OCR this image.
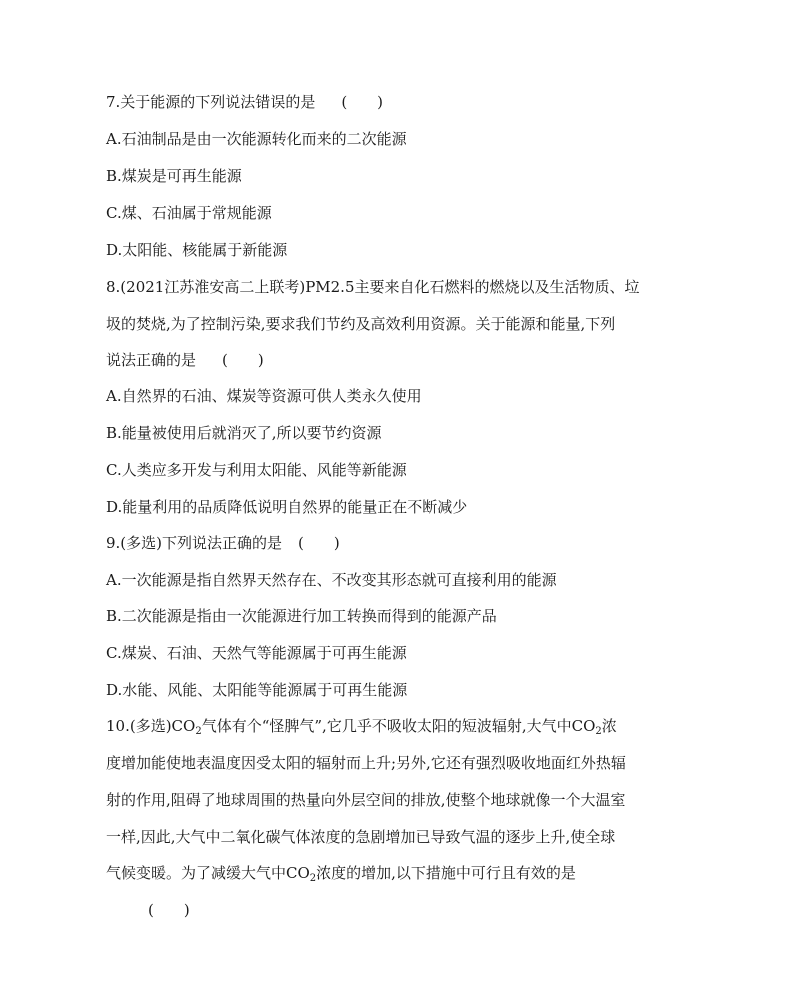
7.关于能源的下列说法错误的是 (　　)
A.石油制品是由一次能源转化而来的二次能源
B.煤炭是可再生能源
C.煤、石油属于常规能源
D.太阳能、核能属于新能源
8.(2021江苏淮安高二上联考)PM2.5主要来自化石燃料的燃烧以及生活物质、垃
圾的焚烧,为了控制污染,要求我们节约及高效利用资源。关于能源和能量,下列
说法正确的是 (　　)
A.自然界的石油、煤炭等资源可供人类永久使用
B.能量被使用后就消灭了,所以要节约资源
C.人类应多开发与利用太阳能、风能等新能源
D.能量利用的品质降低说明自然界的能量正在不断减少
9.(多选)下列说法正确的是 (　　)
A.一次能源是指自然界天然存在、不改变其形态就可直接利用的能源
B.二次能源是指由一次能源进行加工转换而得到的能源产品
C.煤炭、石油、天然气等能源属于可再生能源
D.水能、风能、太阳能等能源属于可再生能源
10.(多选)$CO_2$气体有个“怪脾气”,它几乎不吸收太阳的短波辐射,大气中$CO_2$浓
度增加能使地表温度因受太阳的辐射而上升;另外,它还有强烈吸收地面红外热辐
射的作用,阻碍了地球周围的热量向外层空间的排放,使整个地球就像一个大温室
一样,因此,大气中二氧化碳气体浓度的急剧增加已导致气温的逐步上升,使全球
气候变暖。为了减缓大气中$CO_2$浓度的增加,以下措施中可行且有效的是
(　　)
